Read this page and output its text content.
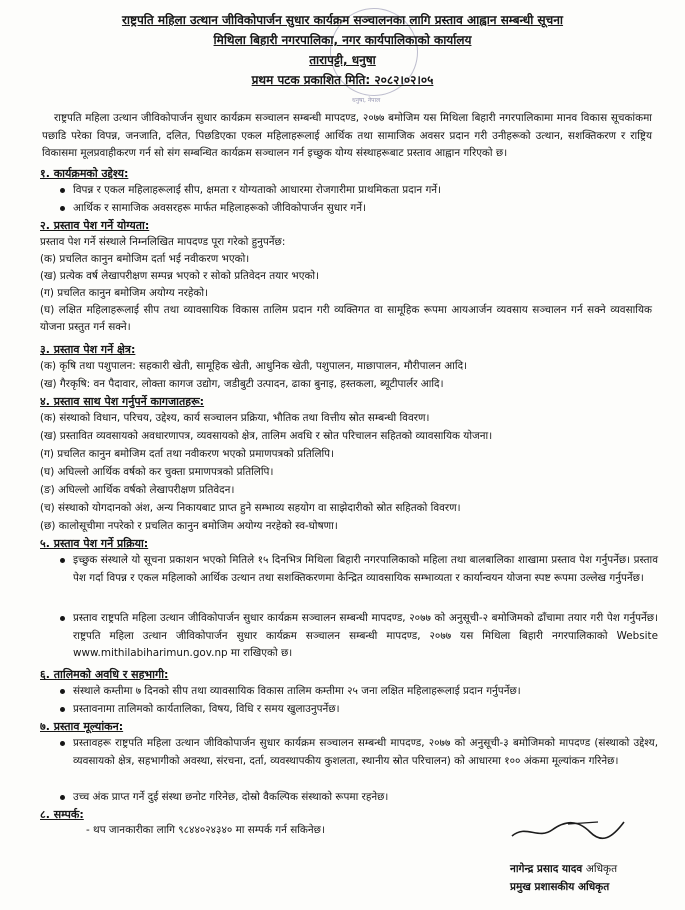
धनुषा, नेपाल
राष्ट्रपति महिला उत्थान जीविकोपार्जन सुधार कार्यक्रम सञ्चालनका लागि प्रस्ताव आह्वान सम्बन्धी सूचना
मिथिला बिहारी नगरपालिका, नगर कार्यपालिकाको कार्यालय
तारापट्टी, धनुषा
प्रथम पटक प्रकाशित मिति: २०८२।०२।०५
राष्ट्रपति महिला उत्थान जीविकोपार्जन सुधार कार्यक्रम सञ्चालन सम्बन्धी मापदण्ड, २०७७ बमोजिम यस मिथिला बिहारी नगरपालिकामा मानव विकास सूचकांकमा पछाडि परेका विपन्न, जनजाति, दलित, पिछडिएका एकल महिलाहरूलाई आर्थिक तथा सामाजिक अवसर प्रदान गरी उनीहरूको उत्थान, सशक्तिकरण र राष्ट्रिय विकासमा मूलप्रवाहीकरण गर्न सो संग सम्बन्धित कार्यक्रम सञ्चालन गर्न इच्छुक योग्य संस्थाहरूबाट प्रस्ताव आह्वान गरिएको छ।
१. कार्यक्रमको उद्देश्य:
विपन्न र एकल महिलाहरूलाई सीप, क्षमता र योग्यताको आधारमा रोजगारीमा प्राथमिकता प्रदान गर्ने।
आर्थिक र सामाजिक अवसरहरू मार्फत महिलाहरूको जीविकोपार्जन सुधार गर्ने।
२. प्रस्ताव पेश गर्ने योग्यता:
प्रस्ताव पेश गर्ने संस्थाले निम्नलिखित मापदण्ड पूरा गरेको हुनुपर्नेछ:
(क) प्रचलित कानुन बमोजिम दर्ता भई नवीकरण भएको।
(ख) प्रत्येक वर्ष लेखापरीक्षण सम्पन्न भएको र सोको प्रतिवेदन तयार भएको।
(ग) प्रचलित कानुन बमोजिम अयोग्य नरहेको।
(घ) लक्षित महिलाहरूलाई सीप तथा व्यावसायिक विकास तालिम प्रदान गरी व्यक्तिगत वा सामूहिक रूपमा आयआर्जन व्यवसाय सञ्चालन गर्न सक्ने व्यवसायिक योजना प्रस्तुत गर्न सक्ने।
३. प्रस्ताव पेश गर्ने क्षेत्र:
(क) कृषि तथा पशुपालन: सहकारी खेती, सामूहिक खेती, आधुनिक खेती, पशुपालन, माछापालन, मौरीपालन आदि।
(ख) गैरकृषि: वन पैदावार, लोक्ता कागज उद्योग, जडीबुटी उत्पादन, ढाका बुनाइ, हस्तकला, ब्यूटीपार्लर आदि।
४. प्रस्ताव साथ पेश गर्नुपर्ने कागजातहरू:
(क) संस्थाको विधान, परिचय, उद्देश्य, कार्य सञ्चालन प्रक्रिया, भौतिक तथा वित्तीय स्रोत सम्बन्धी विवरण।
(ख) प्रस्तावित व्यवसायको अवधारणापत्र, व्यवसायको क्षेत्र, तालिम अवधि र स्रोत परिचालन सहितको व्यावसायिक योजना।
(ग) प्रचलित कानुन बमोजिम दर्ता तथा नवीकरण भएको प्रमाणपत्रको प्रतिलिपि।
(घ) अघिल्लो आर्थिक वर्षको कर चुक्ता प्रमाणपत्रको प्रतिलिपि।
(ङ) अघिल्लो आर्थिक वर्षको लेखापरीक्षण प्रतिवेदन।
(च) संस्थाको योगदानको अंश, अन्य निकायबाट प्राप्त हुने सम्भाव्य सहयोग वा साझेदारीको स्रोत सहितको विवरण।
(छ) कालोसूचीमा नपरेको र प्रचलित कानुन बमोजिम अयोग्य नरहेको स्व-घोषणा।
५. प्रस्ताव पेश गर्ने प्रक्रिया:
इच्छुक संस्थाले यो सूचना प्रकाशन भएको मितिले १५ दिनभित्र मिथिला बिहारी नगरपालिकाको महिला तथा बालबालिका शाखामा प्रस्ताव पेश गर्नुपर्नेछ। प्रस्ताव पेश गर्दा विपन्न र एकल महिलाको आर्थिक उत्थान तथा सशक्तिकरणमा केन्द्रित व्यावसायिक सम्भाव्यता र कार्यान्वयन योजना स्पष्ट रूपमा उल्लेख गर्नुपर्नेछ।
प्रस्ताव राष्ट्रपति महिला उत्थान जीविकोपार्जन सुधार कार्यक्रम सञ्चालन सम्बन्धी मापदण्ड, २०७७ को अनुसूची-२ बमोजिमको ढाँचामा तयार गरी पेश गर्नुपर्नेछ। राष्ट्रपति महिला उत्थान जीविकोपार्जन सुधार कार्यक्रम सञ्चालन सम्बन्धी मापदण्ड, २०७७ यस मिथिला बिहारी नगरपालिकाको Website www.mithilabiharimun.gov.np मा राखिएको छ।
६. तालिमको अवधि र सहभागी:
संस्थाले कम्तीमा ७ दिनको सीप तथा व्यावसायिक विकास तालिम कम्तीमा २५ जना लक्षित महिलाहरूलाई प्रदान गर्नुपर्नेछ।
प्रस्तावनामा तालिमको कार्यतालिका, विषय, विधि र समय खुलाउनुपर्नेछ।
७. प्रस्ताव मूल्यांकन:
प्रस्तावहरू राष्ट्रपति महिला उत्थान जीविकोपार्जन सुधार कार्यक्रम सञ्चालन सम्बन्धी मापदण्ड, २०७७ को अनुसूची-३ बमोजिमको मापदण्ड (संस्थाको उद्देश्य, व्यवसायको क्षेत्र, सहभागीको अवस्था, संरचना, दर्ता, व्यवस्थापकीय कुशलता, स्थानीय स्रोत परिचालन) को आधारमा १०० अंकमा मूल्यांकन गरिनेछ।
उच्च अंक प्राप्त गर्ने दुई संस्था छनोट गरिनेछ, दोस्रो वैकल्पिक संस्थाको रूपमा रहनेछ।
८. सम्पर्क:
- थप जानकारीका लागि ९८४४०२४३४० मा सम्पर्क गर्न सकिनेछ।
नागेन्द्र प्रसाद यादव अधिकृत
प्रमुख प्रशासकीय अधिकृत
